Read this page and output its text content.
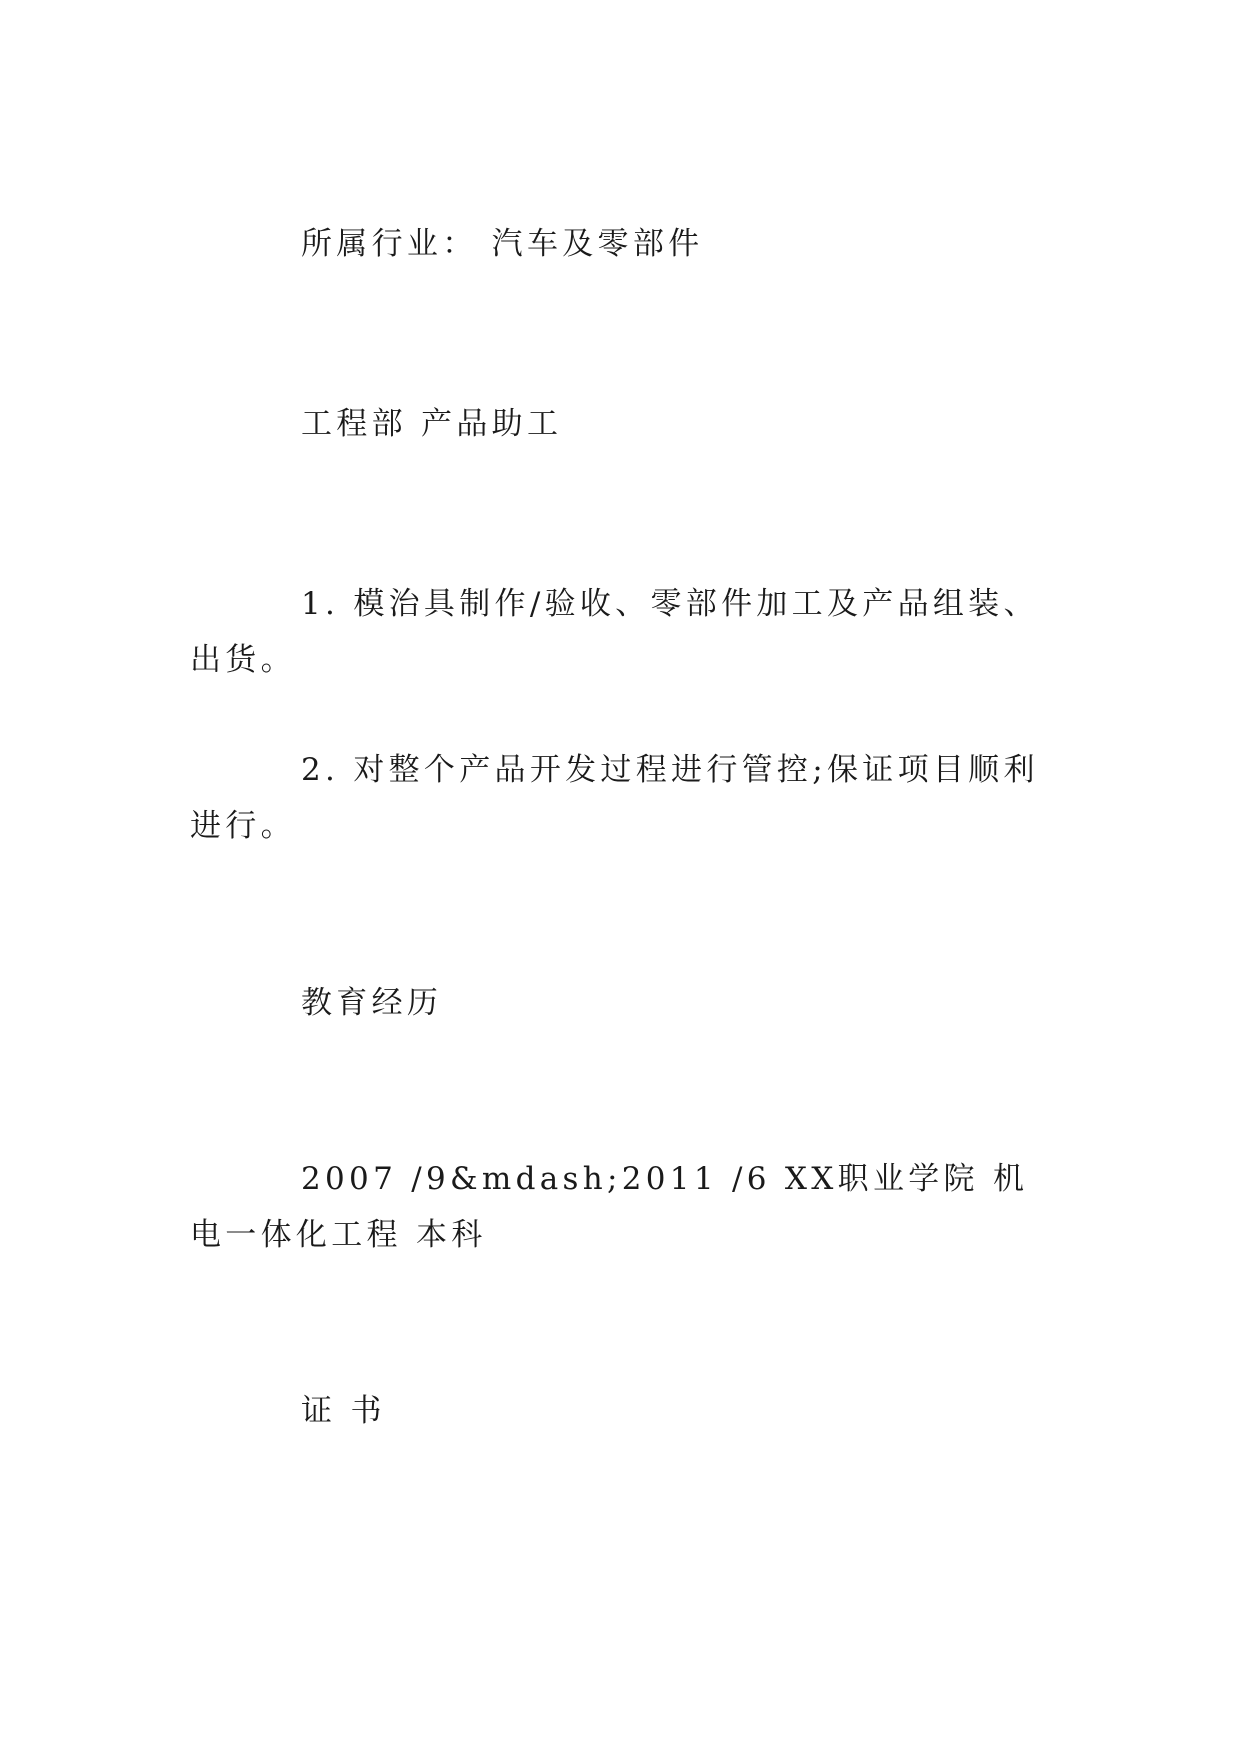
所属行业： 汽车及零部件

工程部 产品助工

1. 模治具制作/验收、零部件加工及产品组装、出货。

2. 对整个产品开发过程进行管控;保证项目顺利进行。

教育经历

2007 /9&mdash;2011 /6 XX职业学院 机电一体化工程 本科

证 书
